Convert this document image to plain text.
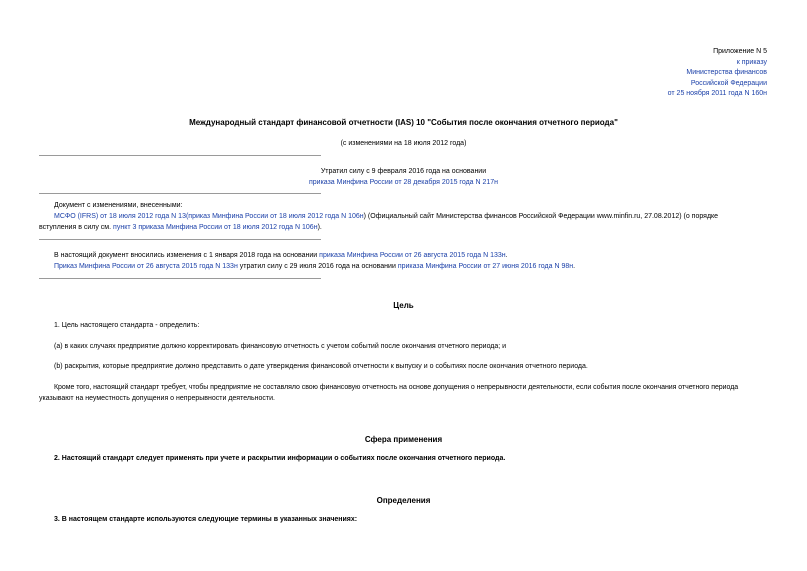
Приложение N 5
к приказу
Министерства финансов
Российской Федерации
от 25 ноября 2011 года N 160н
Международный стандарт финансовой отчетности (IAS) 10 "События после окончания отчетного периода"
(с изменениями на 18 июля 2012 года)
Утратил силу с 9 февраля 2016 года на основании
приказа Минфина России от 28 декабря 2015 года N 217н
Документ с изменениями, внесенными:
МСФО (IFRS) от 18 июля 2012 года N 13(приказ Минфина России от 18 июля 2012 года N 106н) (Официальный сайт Министерства финансов Российской Федерации www.minfin.ru, 27.08.2012) (о порядке
вступления в силу см. пункт 3 приказа Минфина России от 18 июля 2012 года N 106н).
В настоящий документ вносились изменения с 1 января 2018 года на основании приказа Минфина России от 26 августа 2015 года N 133н.
Приказ Минфина России от 26 августа 2015 года N 133н утратил силу с 29 июля 2016 года на основании приказа Минфина России от 27 июня 2016 года N 98н.
Цель
1. Цель настоящего стандарта - определить:
(a) в каких случаях предприятие должно корректировать финансовую отчетность с учетом событий после окончания отчетного периода; и
(b) раскрытия, которые предприятие должно представить о дате утверждения финансовой отчетности к выпуску и о событиях после окончания отчетного периода.
Кроме того, настоящий стандарт требует, чтобы предприятие не составляло свою финансовую отчетность на основе допущения о непрерывности деятельности, если события после окончания отчетного периода
указывают на неуместность допущения о непрерывности деятельности.
Сфера применения
2. Настоящий стандарт следует применять при учете и раскрытии информации о событиях после окончания отчетного периода.
Определения
3. В настоящем стандарте используются следующие термины в указанных значениях:
